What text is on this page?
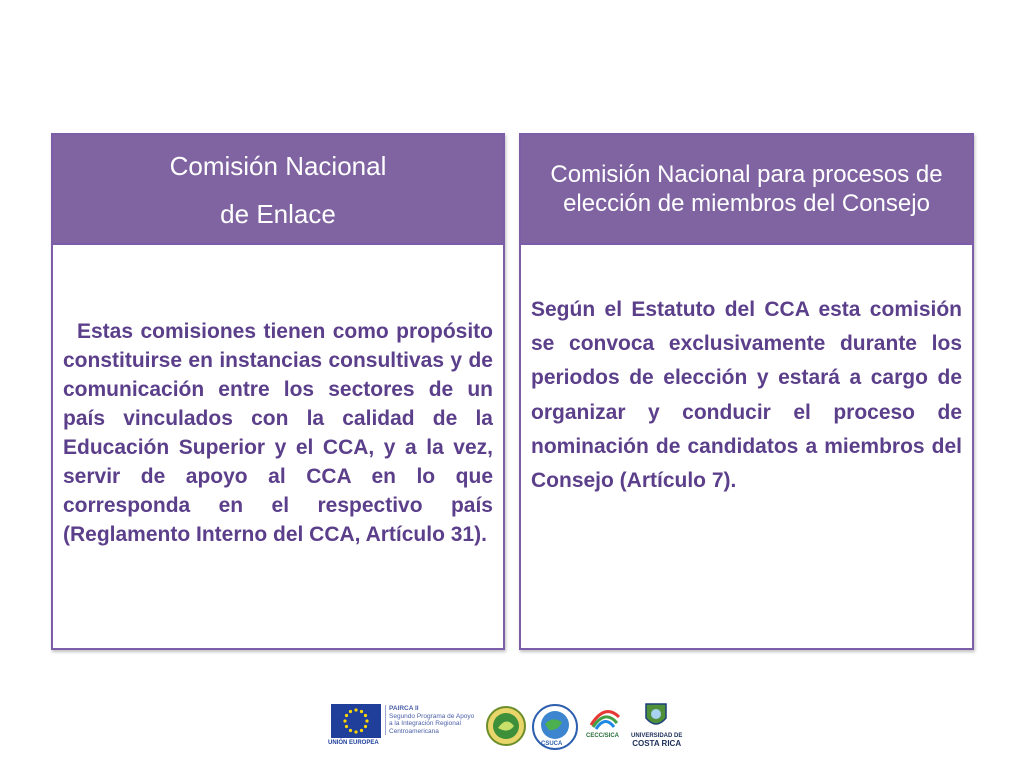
Comisión Nacional
de Enlace
Estas comisiones tienen como propósito constituirse en instancias consultivas y de comunicación entre los sectores de un país vinculados con la calidad de la Educación Superior y el CCA, y a la vez, servir de apoyo al CCA en lo que corresponda en el respectivo país (Reglamento Interno del CCA, Artículo 31).
Comisión Nacional para procesos de elección de miembros del Consejo
Según el Estatuto del CCA esta comisión se convoca exclusivamente durante los periodos de elección y estará a cargo de organizar y conducir el proceso de nominación de candidatos a miembros del Consejo (Artículo 7).
UNIÓN EUROPEA
PAIRCA II
Segundo Programa de Apoyo
a la Integración Regional
Centroamericana
CSUCA
CECC/SICA UNIVERSIDAD DE
COSTA RICA
